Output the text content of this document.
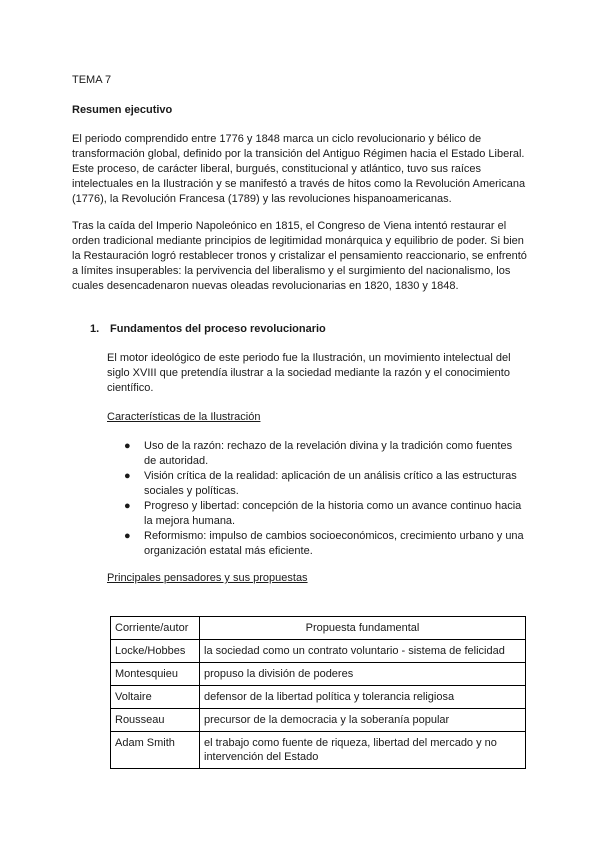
TEMA 7
Resumen ejecutivo

El periodo comprendido entre 1776 y 1848 marca un ciclo revolucionario y bélico de transformación global, definido por la transición del Antiguo Régimen hacia el Estado Liberal. Este proceso, de carácter liberal, burgués, constitucional y atlántico, tuvo sus raíces intelectuales en la Ilustración y se manifestó a través de hitos como la Revolución Americana (1776), la Revolución Francesa (1789) y las revoluciones hispanoamericanas.

Tras la caída del Imperio Napoleónico en 1815, el Congreso de Viena intentó restaurar el orden tradicional mediante principios de legitimidad monárquica y equilibrio de poder. Si bien la Restauración logró restablecer tronos y cristalizar el pensamiento reaccionario, se enfrentó a límites insuperables: la pervivencia del liberalismo y el surgimiento del nacionalismo, los cuales desencadenaron nuevas oleadas revolucionarias en 1820, 1830 y 1848.

1. Fundamentos del proceso revolucionario

El motor ideológico de este periodo fue la Ilustración, un movimiento intelectual del siglo XVIII que pretendía ilustrar a la sociedad mediante la razón y el conocimiento científico.

Características de la Ilustración
● Uso de la razón: rechazo de la revelación divina y la tradición como fuentes de autoridad.
● Visión crítica de la realidad: aplicación de un análisis crítico a las estructuras sociales y políticas.
● Progreso y libertad: concepción de la historia como un avance continuo hacia la mejora humana.
● Reformismo: impulso de cambios socioeconómicos, crecimiento urbano y una organización estatal más eficiente.
Principales pensadores y sus propuestas
Corriente/autor	Propuesta fundamental
Locke/Hobbes	la sociedad como un contrato voluntario - sistema de felicidad
Montesquieu	propuso la división de poderes
Voltaire	defensor de la libertad política y tolerancia religiosa
Rousseau	precursor de la democracia y la soberanía popular
Adam Smith	el trabajo como fuente de riqueza, libertad del mercado y no intervención del Estado
